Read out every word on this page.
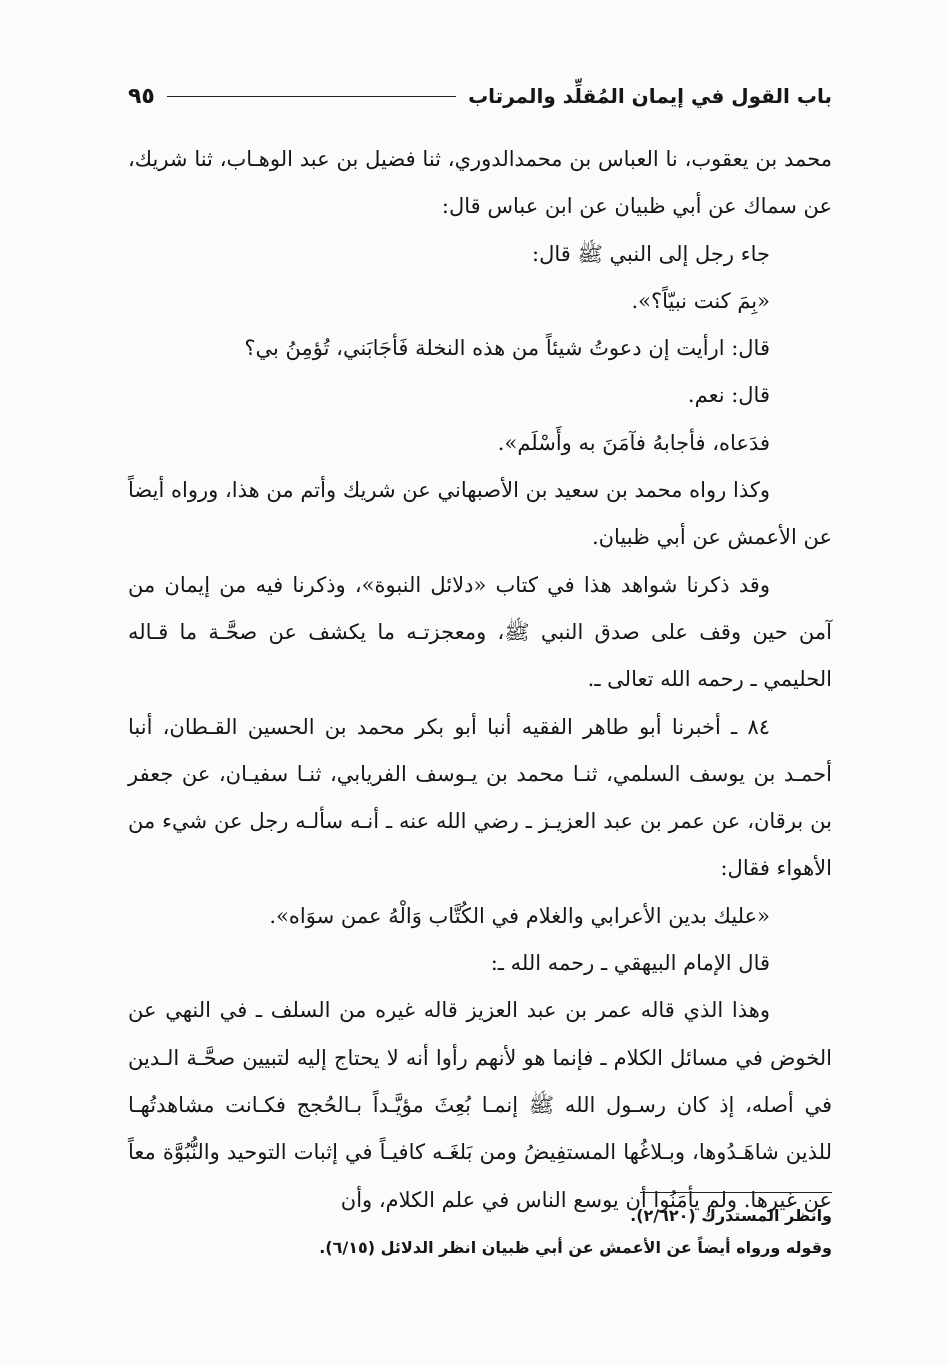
باب القول في إيمان المُقلِّد والمرتاب
٩٥

محمد بن يعقوب، نا العباس بن محمدالدوري، ثنا فضيل بن عبد الوهـاب، ثنا شريك، عن سماك عن أبي ظبيان عن ابن عباس قال:

جاء رجل إلى النبي ﷺ قال:

«بِمَ كنت نبيّاً؟».

قال: ارأيت إن دعوتُ شيئاً من هذه النخلة فَأجَابَني، تُؤمِنُ بي؟

قال: نعم.

فدَعاه، فأجابهُ فآمَنَ به وأَسْلَم».

وكذا رواه محمد بن سعيد بن الأصبهاني عن شريك وأتم من هذا، ورواه أيضاً عن الأعمش عن أبي ظبيان.

وقد ذكرنا شواهد هذا في كتاب «دلائل النبوة»، وذكرنا فيه من إيمان من آمن حين وقف على صدق النبي ﷺ، ومعجزتـه ما يكشف عن صحَّـة ما قـاله الحليمي ـ رحمه الله تعالى ـ.

٨٤ ـ أخبرنا أبو طاهر الفقيه أنبا أبو بكر محمد بن الحسين القـطان، أنبا أحمـد بن يوسف السلمي، ثنـا محمد بن يـوسف الفريابي، ثنـا سفيـان، عن جعفر بن برقان، عن عمر بن عبد العزيـز ـ رضي الله عنه ـ أنـه سألـه رجل عن شيء من الأهواء فقال:

«عليك بدين الأعرابي والغلام في الكُتَّاب وَالْهُ عمن سوَاه».

قال الإمام البيهقي ـ رحمه الله ـ:

وهذا الذي قاله عمر بن عبد العزيز قاله غيره من السلف ـ في النهي عن الخوض في مسائل الكلام ـ فإنما هو لأنهم رأوا أنه لا يحتاج إليه لتبيين صحَّـة الـدين في أصله، إذ كان رسـول الله ﷺ إنمـا بُعِثَ مؤيَّـداً بـالحُجج فكـانت مشاهدتُهـا للذين شاهَـدُوها، وبـلاغُها المستفِيضُ ومن بَلغَـه كافيـاً في إثبات التوحيد والنُّبُوَّة معاً عن غيرها. ولم يأمَنُوا أن يوسع الناس في علم الكلام، وأن

وانظر المستدرك (٢/٦٢٠).

وقوله ورواه أيضاً عن الأعمش عن أبي ظبيان انظر الدلائل (٦/١٥).
